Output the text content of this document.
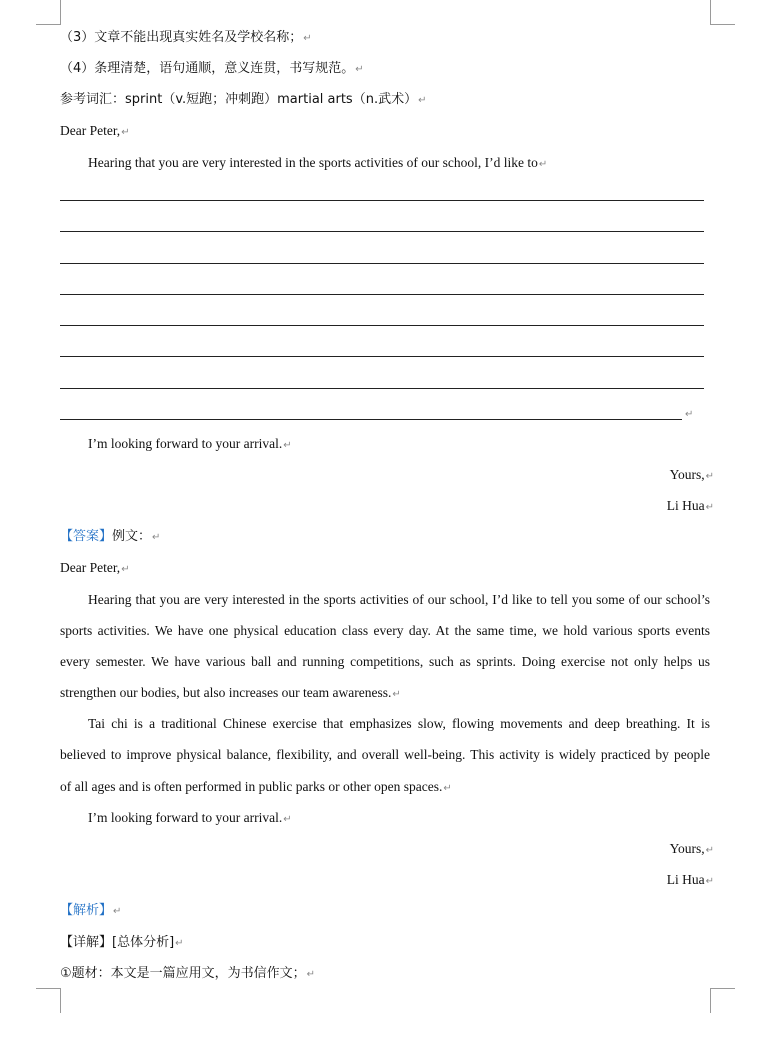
（3）文章不能出现真实姓名及学校名称；↵
（4）条理清楚，语句通顺，意义连贯，书写规范。↵
参考词汇：sprint（v.短跑；冲刺跑）martial arts（n.武术）↵
Dear Peter,↵
Hearing that you are very interested in the sports activities of our school, I’d like to↵
↵
I’m looking forward to your arrival.↵
Yours,↵
Li Hua↵
【答案】例文：↵
Dear Peter,↵
Hearing that you are very interested in the sports activities of our school, I’d like to tell you some of our school’s
sports activities. We have one physical education class every day. At the same time, we hold various sports events
every semester. We have various ball and running competitions, such as sprints. Doing exercise not only helps us
strengthen our bodies, but also increases our team awareness.↵
Tai chi is a traditional Chinese exercise that emphasizes slow, flowing movements and deep breathing. It is
believed to improve physical balance, flexibility, and overall well-being. This activity is widely practiced by people
of all ages and is often performed in public parks or other open spaces.↵
I’m looking forward to your arrival.↵
Yours,↵
Li Hua↵
【解析】↵
【详解】[总体分析]↵
①题材：本文是一篇应用文，为书信作文；↵
